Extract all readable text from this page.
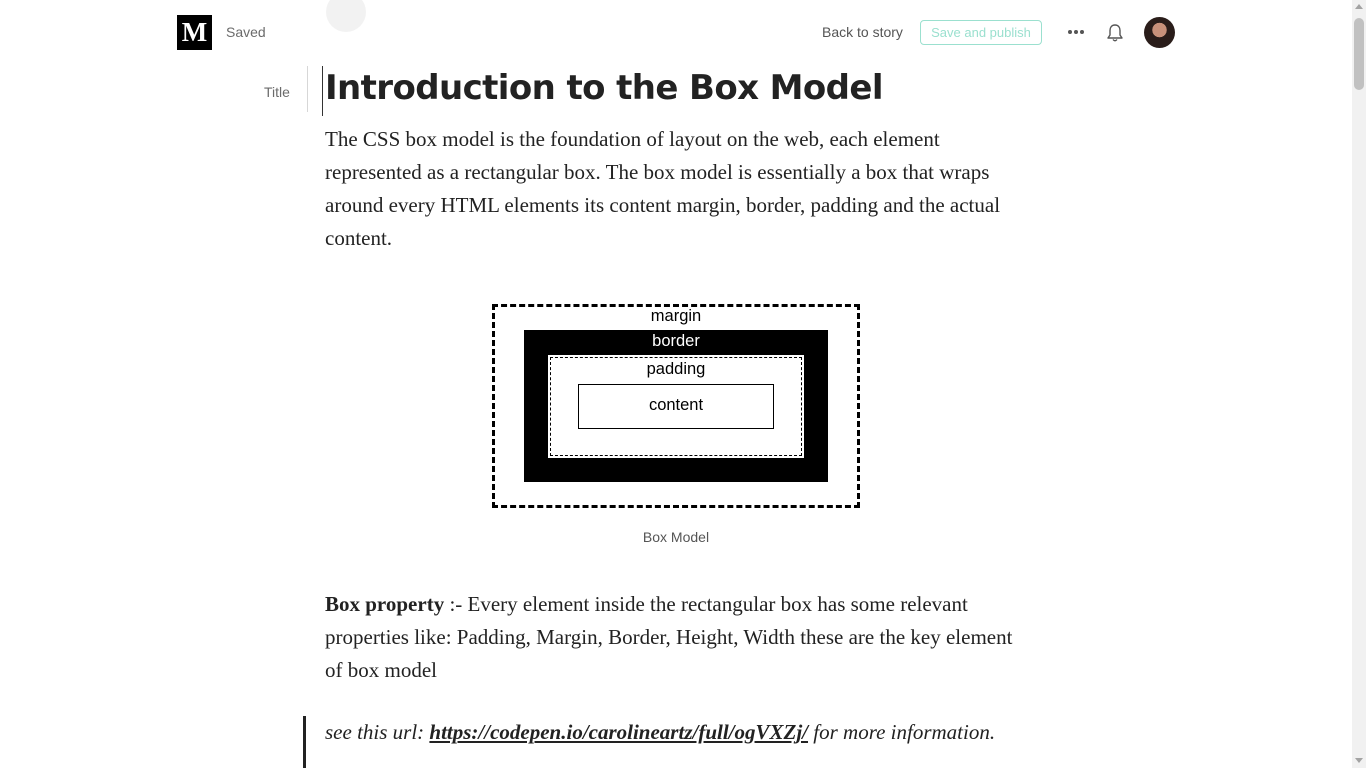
M	Saved

	Back to story	Save and publish
Title Introduction to the Box Model

The CSS box model is the foundation of layout on the web, each element represented as a rectangular box. The box model is essentially a box that wraps around every HTML elements its content margin, border, padding and the actual content.

margin
border
padding
content
Box Model

Box property :- Every element inside the rectangular box has some relevant properties like: Padding, Margin, Border, Height, Width these are the key element of box model

see this url: https://codepen.io/carolineartz/full/ogVXZj/ for more information.
